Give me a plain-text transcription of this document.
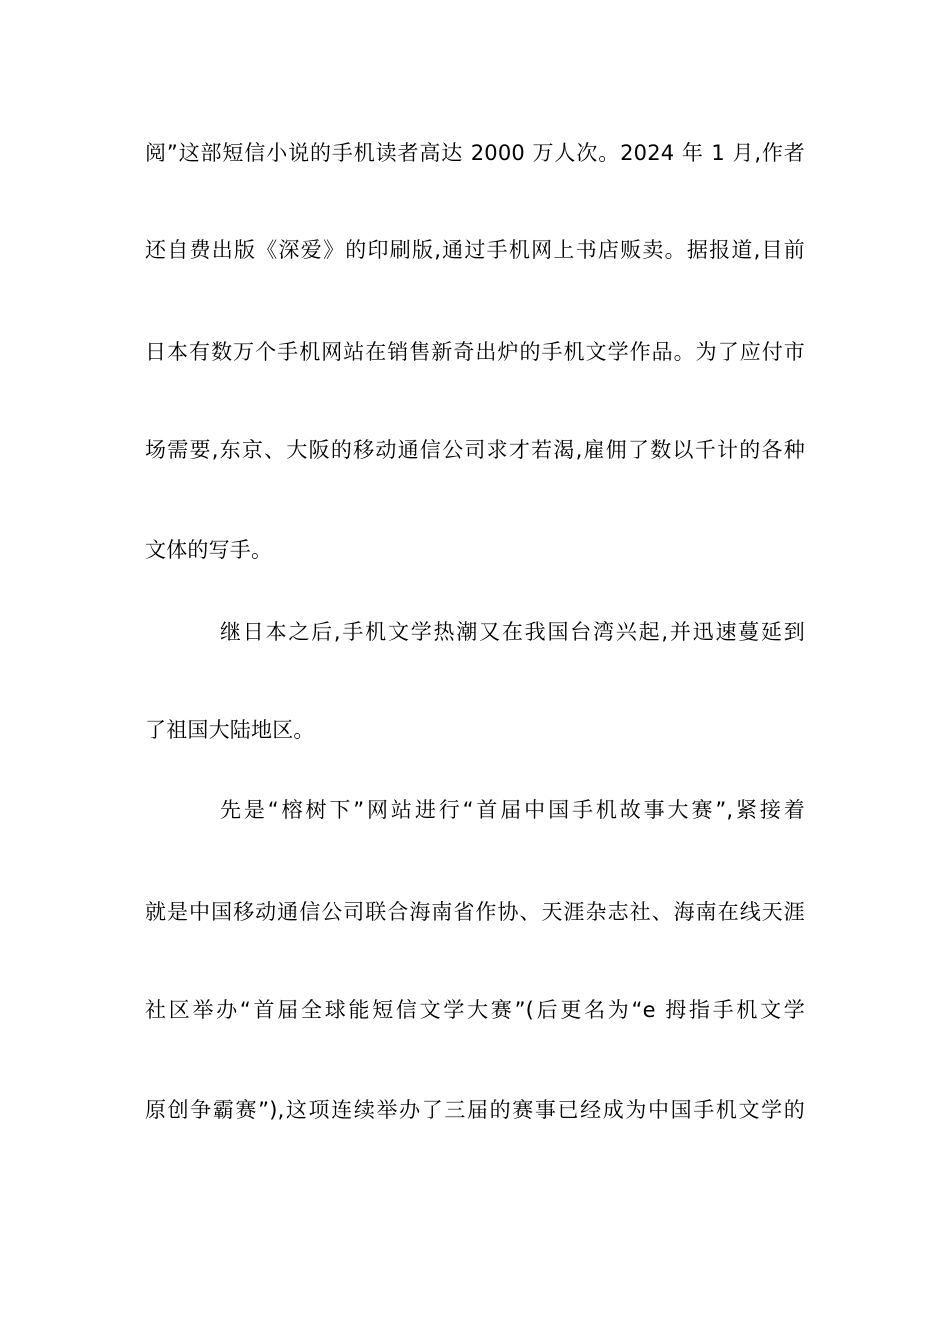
阅”这部短信小说的手机读者高达 2000 万人次。2024 年 1 月,作者
还自费出版《深爱》的印刷版,通过手机网上书店贩卖。据报道,目前
日本有数万个手机网站在销售新奇出炉的手机文学作品。为了应付市
场需要,东京、大阪的移动通信公司求才若渴,雇佣了数以千计的各种
文体的写手。
继日本之后,手机文学热潮又在我国台湾兴起,并迅速蔓延到
了祖国大陆地区。
先是“榕树下”网站进行“首届中国手机故事大赛”,紧接着
就是中国移动通信公司联合海南省作协、天涯杂志社、海南在线天涯
社区举办“首届全球能短信文学大赛”(后更名为“e 拇指手机文学
原创争霸赛”),这项连续举办了三届的赛事已经成为中国手机文学的
